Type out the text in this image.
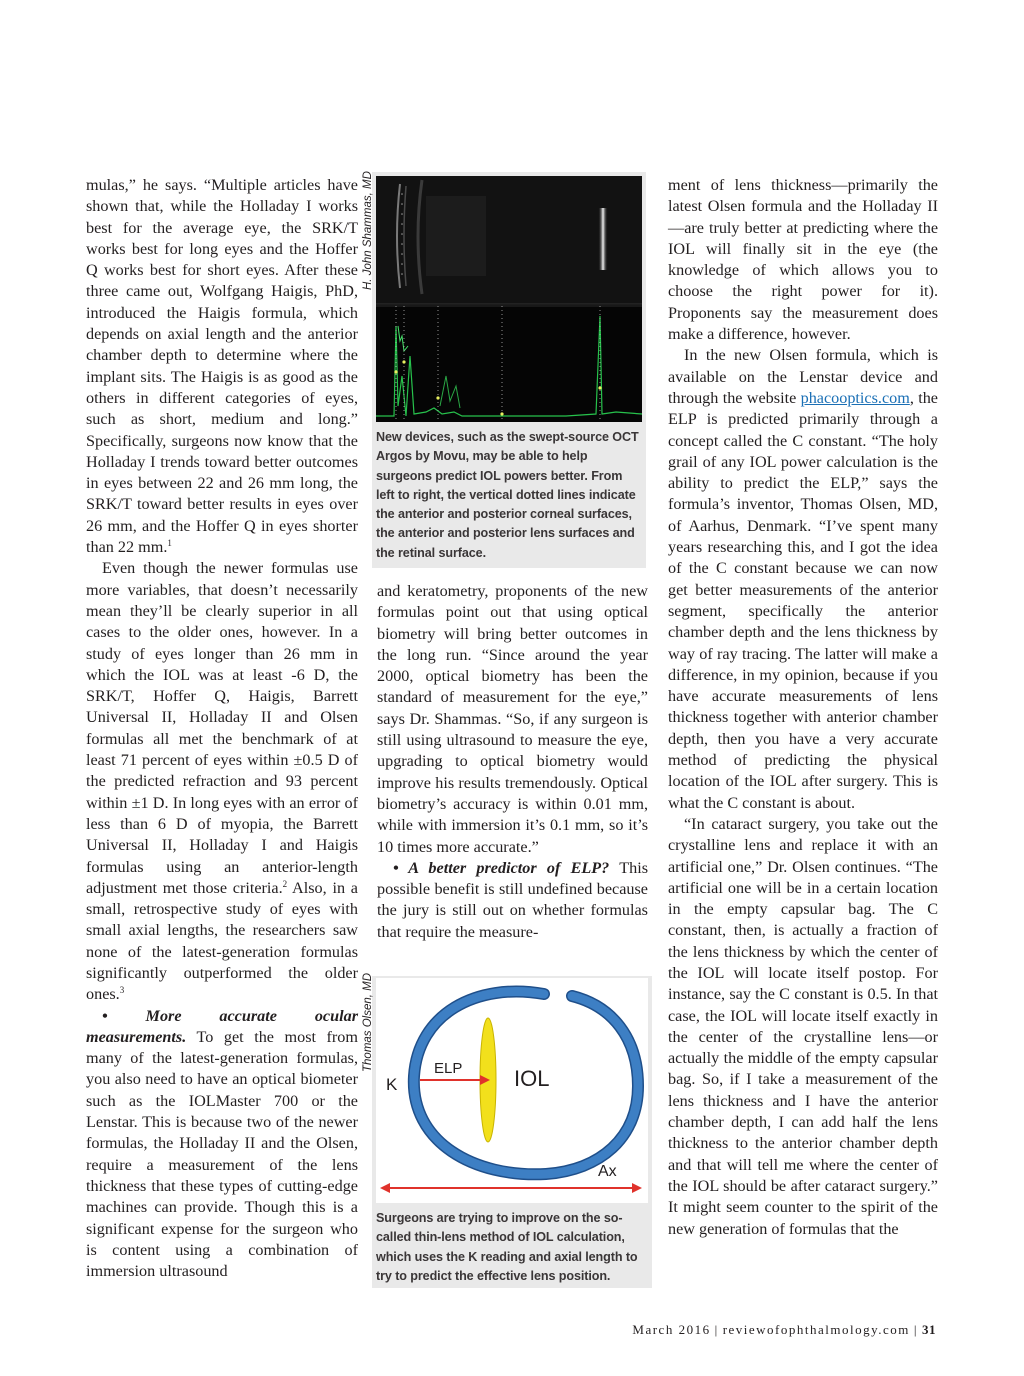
mulas,” he says. “Multiple articles have shown that, while the Holladay I works best for the average eye, the SRK/T works best for long eyes and the Hoffer Q works best for short eyes. After these three came out, Wolfgang Haigis, PhD, introduced the Haigis formula, which depends on axial length and the anterior chamber depth to determine where the implant sits. The Haigis is as good as the others in different categories of eyes, such as short, medium and long.” Specifically, surgeons now know that the Holladay I trends toward better outcomes in eyes between 22 and 26 mm long, the SRK/T toward better results in eyes over 26 mm, and the Hoffer Q in eyes shorter than 22 mm.$^1$

Even though the newer formulas use more variables, that doesn’t necessarily mean they’ll be clearly superior in all cases to the older ones, however. In a study of eyes longer than 26 mm in which the IOL was at least -6 D, the SRK/T, Hoffer Q, Haigis, Barrett Universal II, Holladay II and Olsen formulas all met the benchmark of at least 71 percent of eyes within ±0.5 D of the predicted refraction and 93 percent within ±1 D. In long eyes with an error of less than 6 D of myopia, the Barrett Universal II, Holladay I and Haigis formulas using an anterior-length adjustment met those criteria.$^2$ Also, in a small, retrospective study of eyes with small axial lengths, the researchers saw none of the latest-generation formulas significantly outperformed the older ones.$^3$

• More accurate ocular measurements. To get the most from many of the latest-generation formulas, you also need to have an optical biometer such as the IOLMaster 700 or the Lenstar. This is because two of the newer formulas, the Holladay II and the Olsen, require a measurement of the lens thickness that these types of cutting-edge machines can provide. Though this is a significant expense for the surgeon who is content using a combination of immersion ultrasound

H. John Shammas, MD
New devices, such as the swept-source OCT Argos by Movu, may be able to help surgeons predict IOL powers better. From left to right, the vertical dotted lines indicate the anterior and posterior corneal surfaces, the anterior and posterior lens surfaces and the retinal surface.

and keratometry, proponents of the new formulas point out that using optical biometry will bring better outcomes in the long run. “Since around the year 2000, optical biometry has been the standard of measurement for the eye,” says Dr. Shammas. “So, if any surgeon is still using ultrasound to measure the eye, upgrading to optical biometry would improve his results tremendously. Optical biometry’s accuracy is within 0.01 mm, while with immersion it’s 0.1 mm, so it’s 10 times more accurate.”

• A better predictor of ELP? This possible benefit is still undefined because the jury is still out on whether formulas that require the measure-

Thomas Olsen, MD
K
ELP IOL
Ax
Surgeons are trying to improve on the so-called thin-lens method of IOL calculation, which uses the K reading and axial length to try to predict the effective lens position.

ment of lens thickness—primarily the latest Olsen formula and the Holladay II—are truly better at predicting where the IOL will finally sit in the eye (the knowledge of which allows you to choose the right power for it). Proponents say the measurement does make a difference, however.

In the new Olsen formula, which is available on the Lenstar device and through the website phacooptics.com, the ELP is predicted primarily through a concept called the C constant. “The holy grail of any IOL power calculation is the ability to predict the ELP,” says the formula’s inventor, Thomas Olsen, MD, of Aarhus, Denmark. “I’ve spent many years researching this, and I got the idea of the C constant because we can now get better measurements of the anterior segment, specifically the anterior chamber depth and the lens thickness by way of ray tracing. The latter will make a difference, in my opinion, because if you have accurate measurements of lens thickness together with anterior chamber depth, then you have a very accurate method of predicting the physical location of the IOL after surgery. This is what the C constant is about.

“In cataract surgery, you take out the crystalline lens and replace it with an artificial one,” Dr. Olsen continues. “The artificial one will be in a certain location in the empty capsular bag. The C constant, then, is actually a fraction of the lens thickness by which the center of the IOL will locate itself postop. For instance, say the C constant is 0.5. In that case, the IOL will locate itself exactly in the center of the crystalline lens—or actually the middle of the empty capsular bag. So, if I take a measurement of the lens thickness and I have the anterior chamber depth, I can add half the lens thickness to the anterior chamber depth and that will tell me where the center of the IOL should be after cataract surgery.” It might seem counter to the spirit of the new generation of formulas that the

March 2016 | reviewofophthalmology.com | 31
